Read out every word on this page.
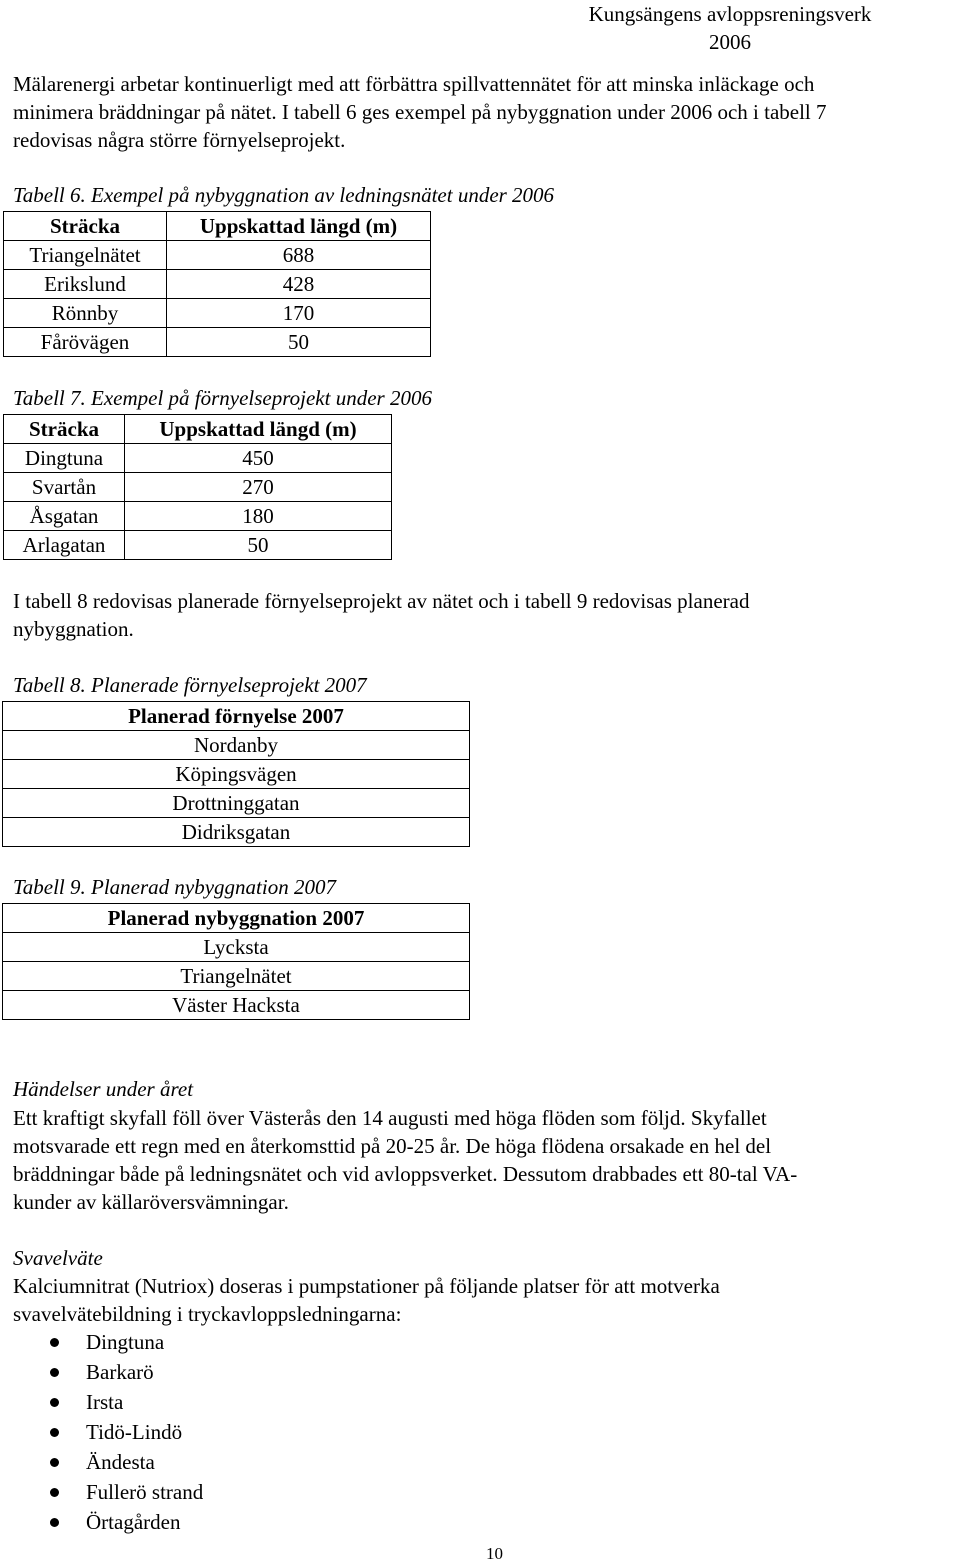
Kungsängens avloppsreningsverk
2006
Mälarenergi arbetar kontinuerligt med att förbättra spillvattennätet för att minska inläckage och
minimera bräddningar på nätet. I tabell 6 ges exempel på nybyggnation under 2006 och i tabell 7
redovisas några större förnyelseprojekt.
Tabell 6. Exempel på nybyggnation av ledningsnätet under 2006
Sträcka	Uppskattad längd (m)
Triangelnätet	688
Erikslund	428
Rönnby	170
Fårövägen	50
Tabell 7. Exempel på förnyelseprojekt under 2006
Sträcka	Uppskattad längd (m)
Dingtuna	450
Svartån	270
Åsgatan	180
Arlagatan	50
I tabell 8 redovisas planerade förnyelseprojekt av nätet och i tabell 9 redovisas planerad
nybyggnation.
Tabell 8. Planerade förnyelseprojekt 2007
Planerad förnyelse 2007
Nordanby
Köpingsvägen
Drottninggatan
Didriksgatan
Tabell 9. Planerad nybyggnation 2007
Planerad nybyggnation 2007
Lycksta
Triangelnätet
Väster Hacksta
Händelser under året
Ett kraftigt skyfall föll över Västerås den 14 augusti med höga flöden som följd. Skyfallet
motsvarade ett regn med en återkomsttid på 20-25 år. De höga flödena orsakade en hel del
bräddningar både på ledningsnätet och vid avloppsverket. Dessutom drabbades ett 80-tal VA-
kunder av källaröversvämningar.
Svavelväte
Kalciumnitrat (Nutriox) doseras i pumpstationer på följande platser för att motverka
svavelvätebildning i tryckavloppsledningarna:
Dingtuna
Barkarö
Irsta
Tidö-Lindö
Ändesta
Fullerö strand
Örtagården
10
